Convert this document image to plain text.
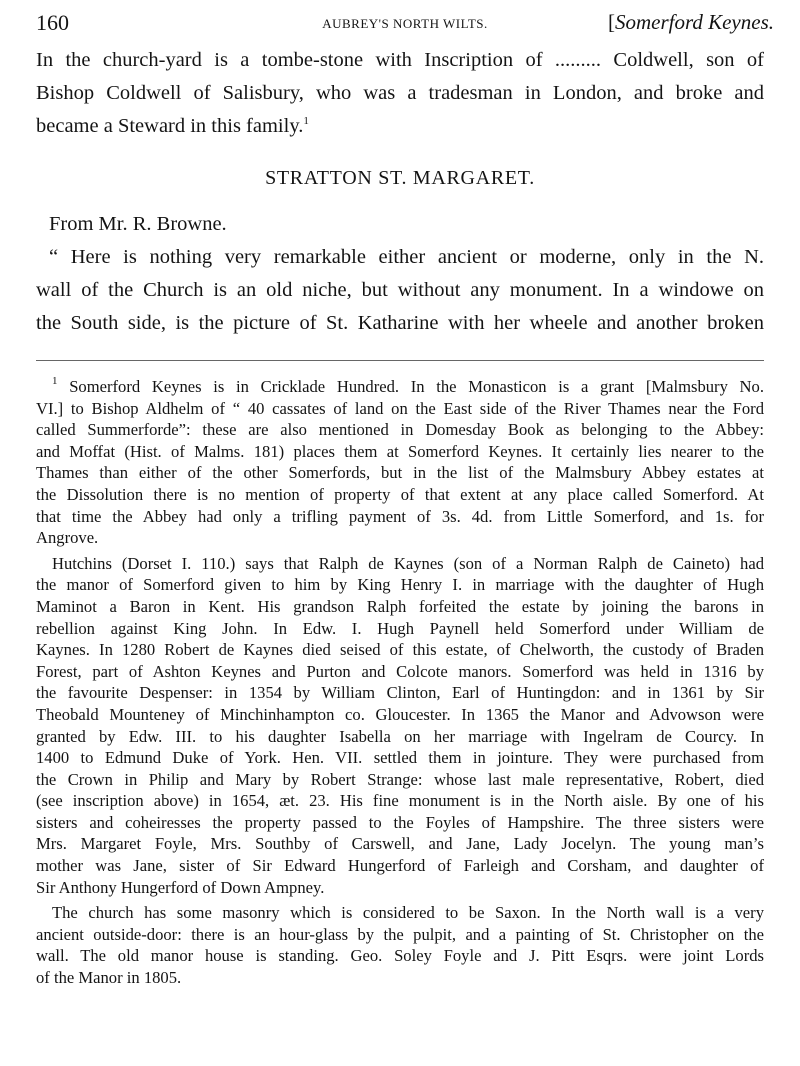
160	AUBREY'S NORTH WILTS.	[Somerford Keynes.

In the church-yard is a tombe-stone with Inscription of ......... Coldwell, son of

Bishop Coldwell of Salisbury, who was a tradesman in London, and broke and

became a Steward in this family.$^1$

STRATTON ST. MARGARET.

From Mr. R. Browne.

“ Here is nothing very remarkable either ancient or moderne, only in the N.

wall of the Church is an old niche, but without any monument. In a windowe on

the South side, is the picture of St. Katharine with her wheele and another broken

$^1$ Somerford Keynes is in Cricklade Hundred. In the Monasticon is a grant [Malmsbury No.
VI.] to Bishop Aldhelm of “ 40 cassates of land on the East side of the River Thames near the Ford
called Summerforde”: these are also mentioned in Domesday Book as belonging to the Abbey:
and Moffat (Hist. of Malms. 181) places them at Somerford Keynes. It certainly lies nearer to the
Thames than either of the other Somerfords, but in the list of the Malmsbury Abbey estates at
the Dissolution there is no mention of property of that extent at any place called Somerford. At
that time the Abbey had only a trifling payment of 3s. 4d. from Little Somerford, and 1s. for
Angrove.
Hutchins (Dorset I. 110.) says that Ralph de Kaynes (son of a Norman Ralph de Caineto) had
the manor of Somerford given to him by King Henry I. in marriage with the daughter of Hugh
Maminot a Baron in Kent. His grandson Ralph forfeited the estate by joining the barons in
rebellion against King John. In Edw. I. Hugh Paynell held Somerford under William de
Kaynes. In 1280 Robert de Kaynes died seised of this estate, of Chelworth, the custody of Braden
Forest, part of Ashton Keynes and Purton and Colcote manors. Somerford was held in 1316 by
the favourite Despenser: in 1354 by William Clinton, Earl of Huntingdon: and in 1361 by Sir
Theobald Mounteney of Minchinhampton co. Gloucester. In 1365 the Manor and Advowson were
granted by Edw. III. to his daughter Isabella on her marriage with Ingelram de Courcy. In
1400 to Edmund Duke of York. Hen. VII. settled them in jointure. They were purchased from
the Crown in Philip and Mary by Robert Strange: whose last male representative, Robert, died
(see inscription above) in 1654, æt. 23. His fine monument is in the North aisle. By one of his
sisters and coheiresses the property passed to the Foyles of Hampshire. The three sisters were
Mrs. Margaret Foyle, Mrs. Southby of Carswell, and Jane, Lady Jocelyn. The young man’s
mother was Jane, sister of Sir Edward Hungerford of Farleigh and Corsham, and daughter of
Sir Anthony Hungerford of Down Ampney.
The church has some masonry which is considered to be Saxon. In the North wall is a very
ancient outside-door: there is an hour-glass by the pulpit, and a painting of St. Christopher on the
wall. The old manor house is standing. Geo. Soley Foyle and J. Pitt Esqrs. were joint Lords
of the Manor in 1805.
